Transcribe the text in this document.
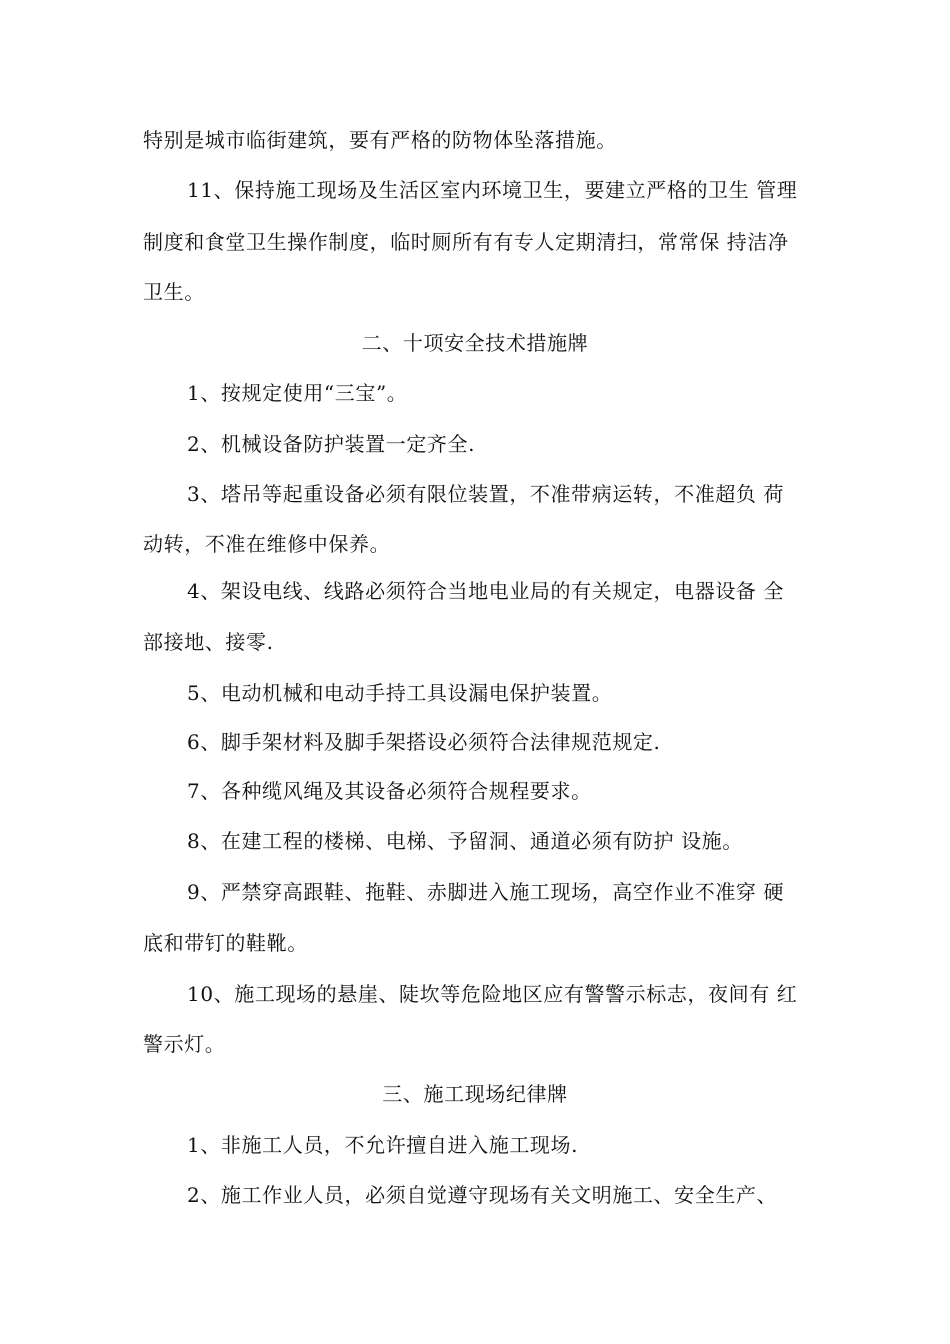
特别是城市临街建筑，要有严格的防物体坠落措施。
11、保持施工现场及生活区室内环境卫生，要建立严格的卫生 管理
制度和食堂卫生操作制度，临时厕所有有专人定期清扫，常常保 持洁净
卫生。
二、十项安全技术措施牌
1、按规定使用“三宝”。
2、机械设备防护装置一定齐全.
3、塔吊等起重设备必须有限位装置，不准带病运转，不准超负 荷
动转，不准在维修中保养。
4、架设电线、线路必须符合当地电业局的有关规定，电器设备 全
部接地、接零.
5、电动机械和电动手持工具设漏电保护装置。
6、脚手架材料及脚手架搭设必须符合法律规范规定.
7、各种缆风绳及其设备必须符合规程要求。
8、在建工程的楼梯、电梯、予留洞、通道必须有防护 设施。
9、严禁穿高跟鞋、拖鞋、赤脚进入施工现场，高空作业不准穿 硬
底和带钉的鞋靴。
10、施工现场的悬崖、陡坎等危险地区应有警警示标志，夜间有 红
警示灯。
三、施工现场纪律牌
1、非施工人员，不允许擅自进入施工现场.
2、施工作业人员，必须自觉遵守现场有关文明施工、安全生产、
